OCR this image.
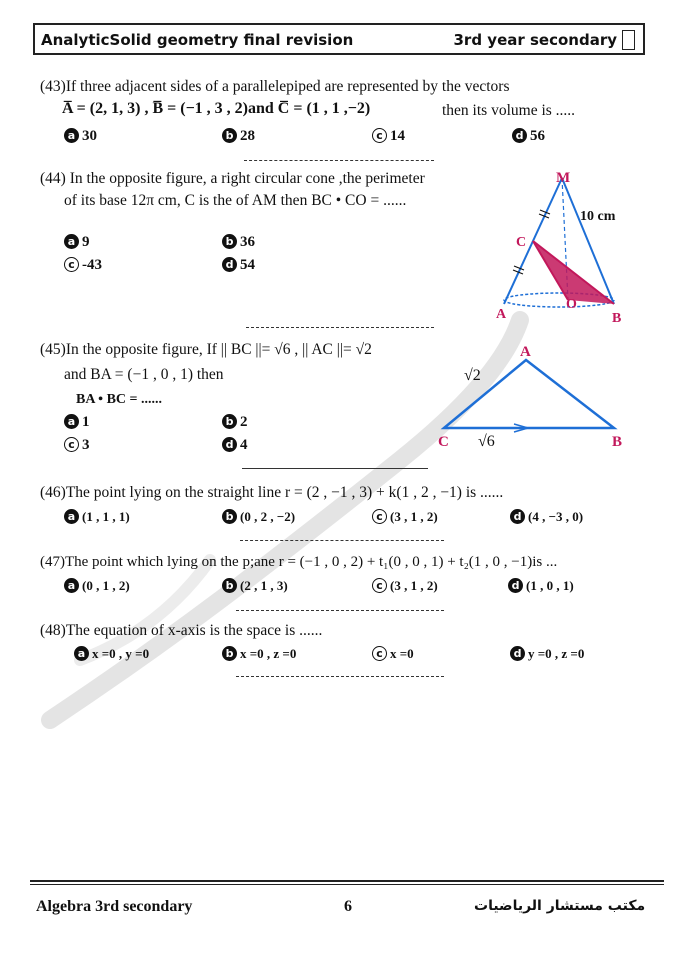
AnalyticSolid geometry final revision	3rd year secondary
(43)If three adjacent sides of a parallelepiped are represented by the vectors
A̅ = (2, 1, 3) , B̅ = (−1 , 3 , 2)and C̅ = (1 , 1 ,−2)	then its volume is .....
a 30	b 28	c 14	d 56
(44) In the opposite figure, a right circular cone ,the perimeter
of its base 12π cm, C is the of AM then BC • CO = ......
a 9	b 36
c -43	d 54
M
C
A	B
O
10 cm
(45)In the opposite figure, If || BC ||= √6 , || AC ||= √2
and BA = (−1 , 0 , 1) then
BA • BC = ......
a 1	b 2
c 3	d 4
A
B
C
√2
√6
(46)The point lying on the straight line r = (2 , −1 , 3) + k(1 , 2 , −1) is ......
a (1 , 1 , 1)	b (0 , 2 , −2)	c (3 , 1 , 2)	d (4 , −3 , 0)
(47)The point which lying on the p;ane r = (−1 , 0 , 2) + t₁(0 , 0 , 1) + t₂(1 , 0 , −1)is ...
a (0 , 1 , 2)	b (2 , 1 , 3)	c (3 , 1 , 2)	d (1 , 0 , 1)
(48)The equation of x-axis is the space is ......
a x =0 , y =0	b x =0 , z =0	c x =0	d y =0 , z =0
Algebra 3rd secondary	6	مكتب مستشار الرياضيات
